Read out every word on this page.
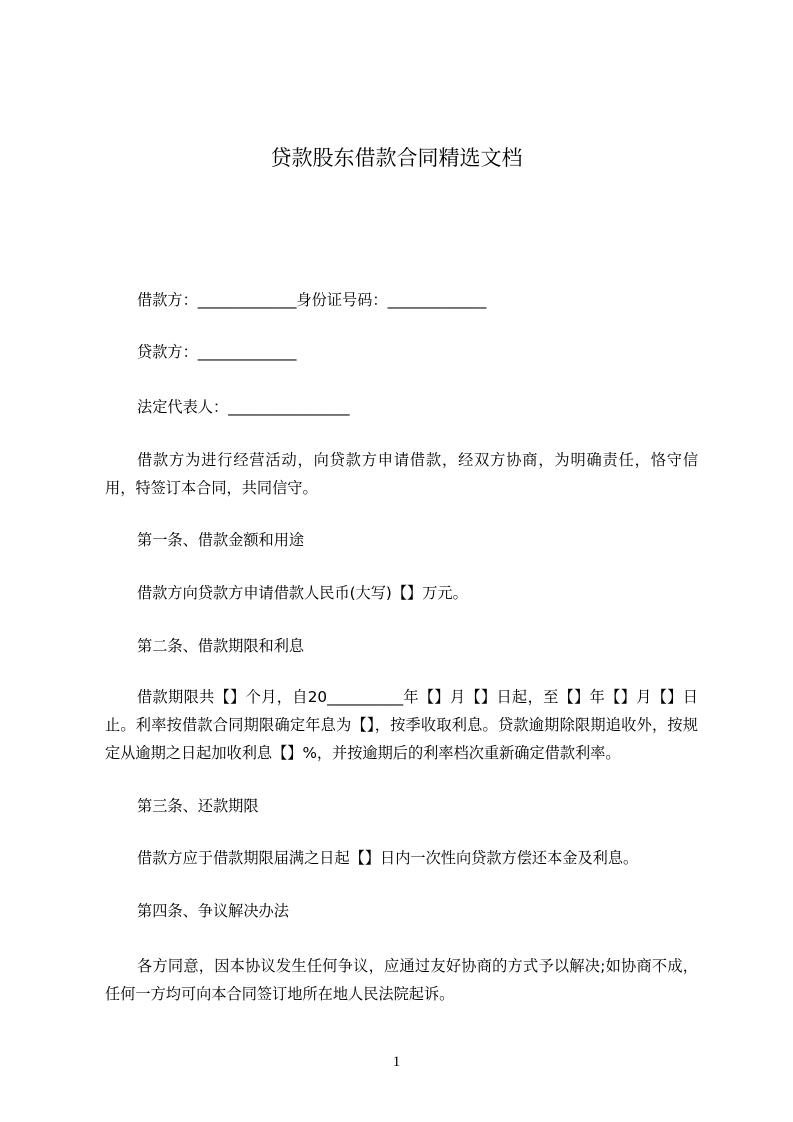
贷款股东借款合同精选文档

借款方：_____________身份证号码：_____________

贷款方：_____________

法定代表人：________________

借款方为进行经营活动，向贷款方申请借款，经双方协商，为明确责任，恪守信用，特签订本合同，共同信守。

第一条、借款金额和用途

借款方向贷款方申请借款人民币(大写)【】万元。

第二条、借款期限和利息

借款期限共【】个月，自20__________年【】月【】日起，至【】年【】月【】日止。利率按借款合同期限确定年息为【】，按季收取利息。贷款逾期除限期追收外，按规定从逾期之日起加收利息【】%，并按逾期后的利率档次重新确定借款利率。

第三条、还款期限

借款方应于借款期限届满之日起【】日内一次性向贷款方偿还本金及利息。

第四条、争议解决办法

各方同意，因本协议发生任何争议，应通过友好协商的方式予以解决;如协商不成，任何一方均可向本合同签订地所在地人民法院起诉。

1
